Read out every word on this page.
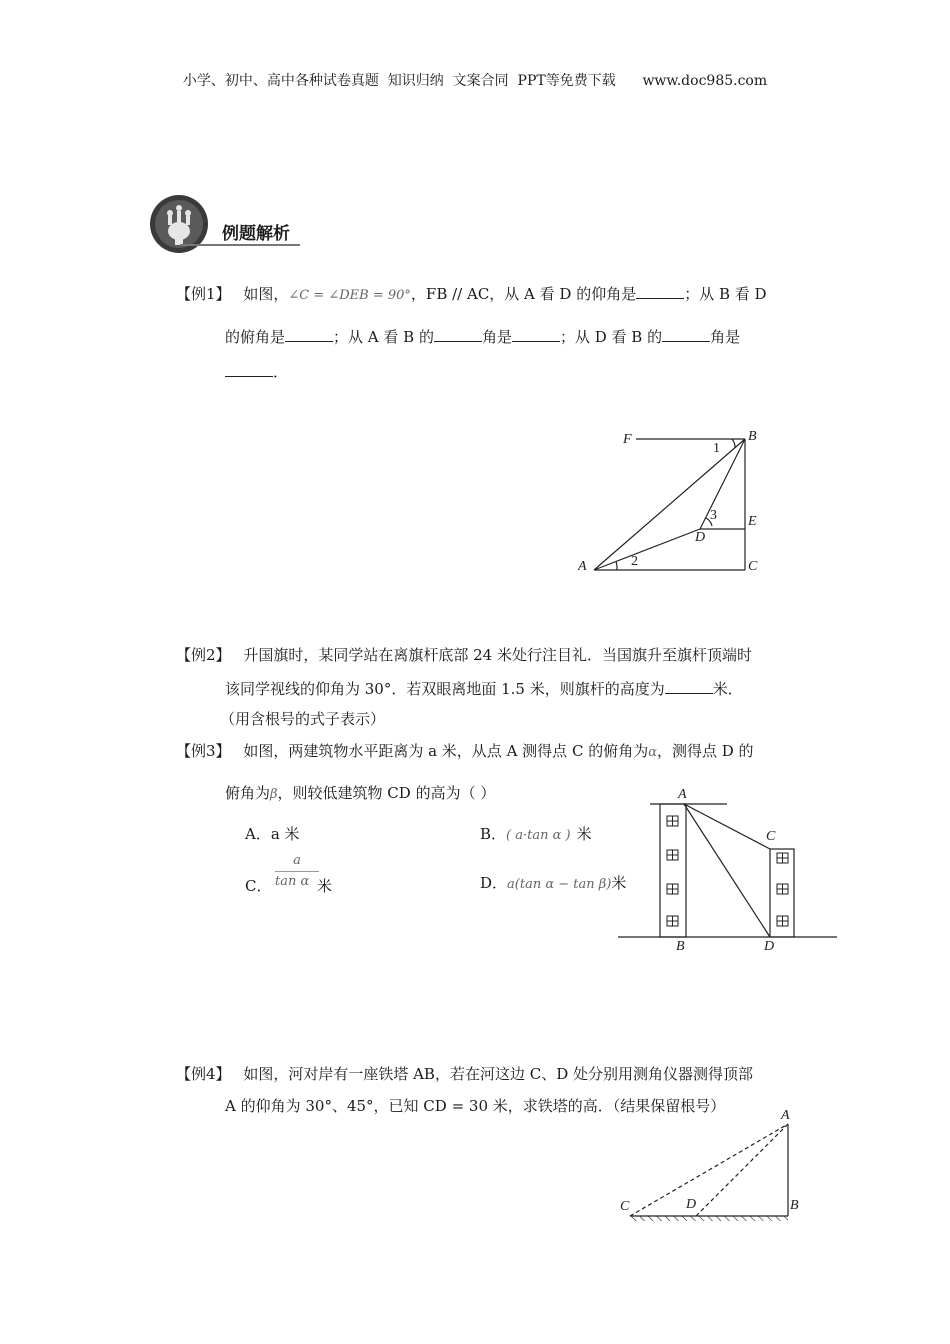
小学、初中、高中各种试卷真题  知识归纳  文案合同  PPT等免费下载      www.doc985.com
例题解析
【例1】 如图，∠C = ∠DEB = 90°，FB // AC，从 A 看 D 的仰角是	；从 B 看 D
的俯角是	；从 A 看 B 的	角是	；从 D 看 B 的	角是
．
F	B
E
D
A	C
1
2
3
【例2】 升国旗时，某同学站在离旗杆底部 24 米处行注目礼．当国旗升至旗杆顶端时
该同学视线的仰角为 30°．若双眼离地面 1.5 米，则旗杆的高度为	米．
（用含根号的式子表示）
【例3】 如图，两建筑物水平距离为 a 米，从点 A 测得点 C 的俯角为α，测得点 D 的
俯角为β，则较低建筑物 CD 的高为（ ）
A．a 米	B．( a·tan α ) 米
C．
a
tan α 米	D．a(tan α − tan β)米
A
B
C
D
【例4】 如图，河对岸有一座铁塔 AB，若在河这边 C、D 处分别用测角仪器测得顶部
A 的仰角为 30°、45°，已知 CD = 30 米，求铁塔的高．（结果保留根号）
A
B
C	D
